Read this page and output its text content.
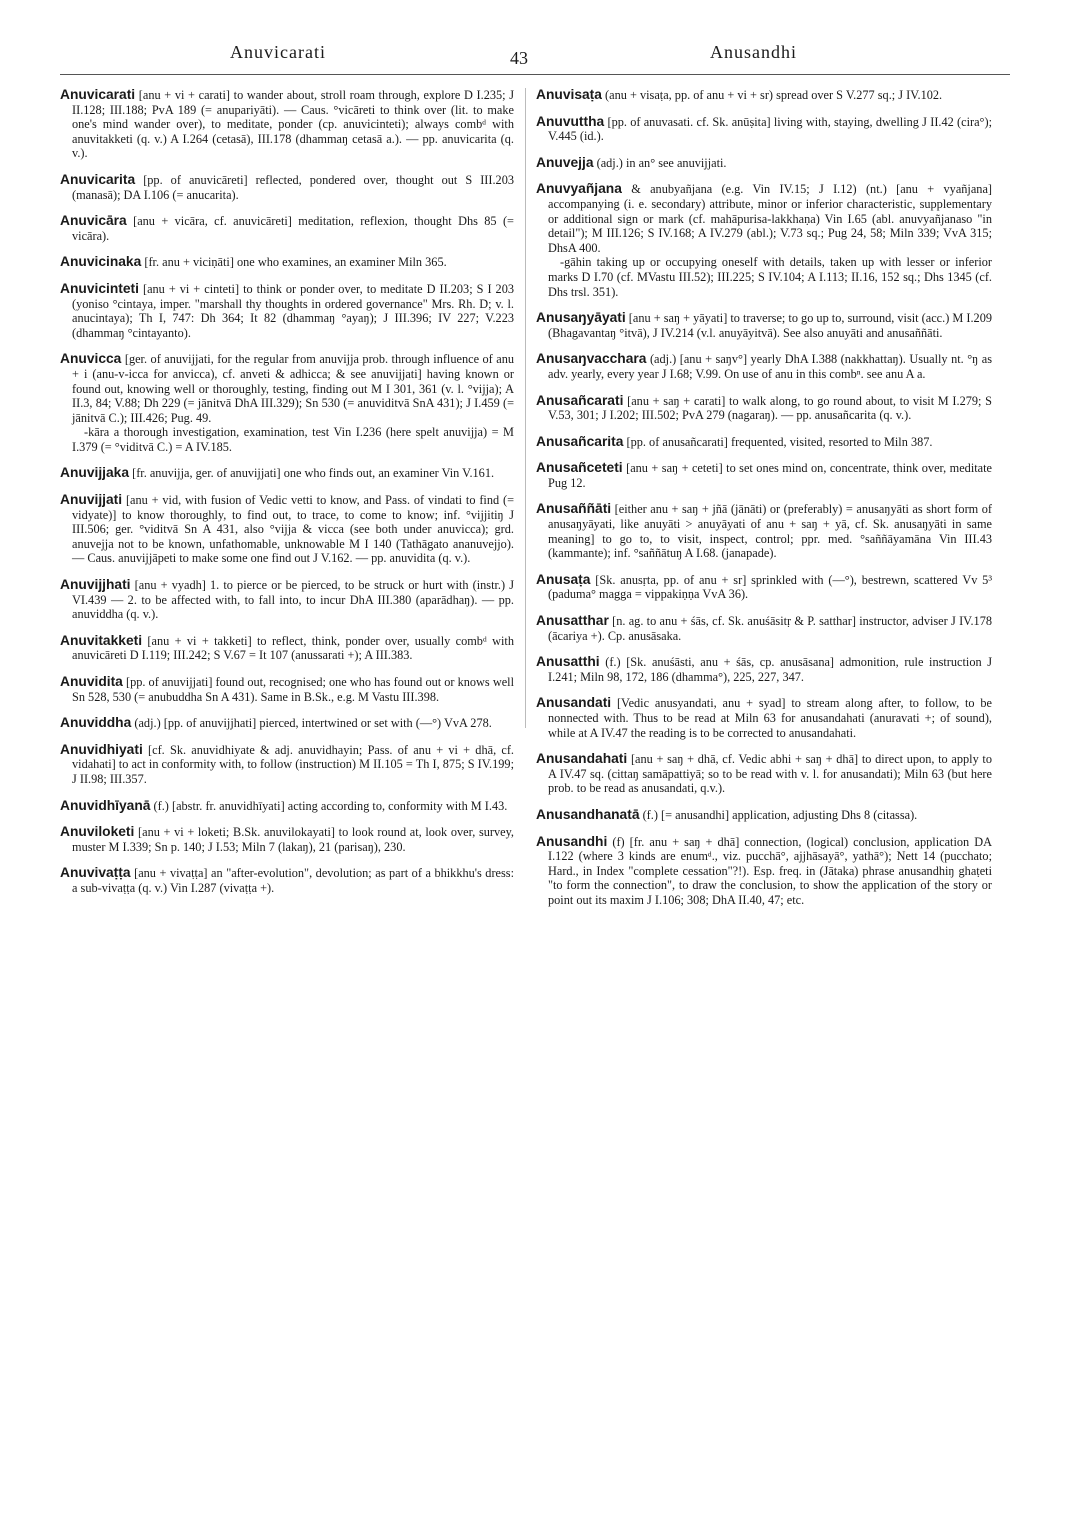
Anuvicarati	43	Anusandhi

Anuvicarati [anu + vi + carati] to wander about, stroll roam through, explore D I.235; J II.128; III.188; PvA 189 (= anupariyāti). — Caus. °vicāreti to think over (lit. to make one's mind wander over), to meditate, ponder (cp. anuvicinteti); always combᵈ with anuvitakketi (q. v.) A I.264 (cetasā), III.178 (dhammaŋ cetasā a.). — pp. anuvicarita (q. v.).

Anuvicarita [pp. of anuvicāreti] reflected, pondered over, thought out S III.203 (manasā); DA I.106 (= anucarita).

Anuvicāra [anu + vicāra, cf. anuvicāreti] meditation, reflexion, thought Dhs 85 (= vicāra).

Anuvicinaka [fr. anu + viciṇāti] one who examines, an examiner Miln 365.

Anuvicinteti [anu + vi + cinteti] to think or ponder over, to meditate D II.203; S I 203 (yoniso °cintaya, imper. "marshall thy thoughts in ordered governance" Mrs. Rh. D; v. l. anucintaya); Th I, 747: Dh 364; It 82 (dhammaŋ °ayaŋ); J III.396; IV 227; V.223 (dhammaŋ °cintayanto).

Anuvicca [ger. of anuvijjati, for the regular from anuvijja prob. through influence of anu + i (anu-v-icca for anvicca), cf. anveti & adhicca; & see anuvijjati] having known or found out, knowing well or thoroughly, testing, finding out M I 301, 361 (v. l. °vijja); A II.3, 84; V.88; Dh 229 (= jānitvā DhA III.329); Sn 530 (= anuviditvā SnA 431); J I.459 (= jānitvā C.); III.426; Pug. 49.
-kāra a thorough investigation, examination, test Vin I.236 (here spelt anuvijja) = M I.379 (= °viditvā C.) = A IV.185.

Anuvijjaka [fr. anuvijja, ger. of anuvijjati] one who finds out, an examiner Vin V.161.

Anuvijjati [anu + vid, with fusion of Vedic vetti to know, and Pass. of vindati to find (= vidyate)] to know thoroughly, to find out, to trace, to come to know; inf. °vijjitiŋ J III.506; ger. °viditvā Sn A 431, also °vijja & vicca (see both under anuvicca); grd. anuvejja not to be known, unfathomable, unknowable M I 140 (Tathāgato ananuvejjo). — Caus. anuvijjāpeti to make some one find out J V.162. — pp. anuvidita (q. v.).

Anuvijjhati [anu + vyadh] 1. to pierce or be pierced, to be struck or hurt with (instr.) J VI.439 — 2. to be affected with, to fall into, to incur DhA III.380 (aparādhaŋ). — pp. anuviddha (q. v.).

Anuvitakketi [anu + vi + takketi] to reflect, think, ponder over, usually combᵈ with anuvicāreti D I.119; III.242; S V.67 = It 107 (anussarati +); A III.383.

Anuvidita [pp. of anuvijjati] found out, recognised; one who has found out or knows well Sn 528, 530 (= anubuddha Sn A 431). Same in B.Sk., e.g. M Vastu III.398.

Anuviddha (adj.) [pp. of anuvijjhati] pierced, intertwined or set with (—°) VvA 278.

Anuvidhiyati [cf. Sk. anuvidhiyate & adj. anuvidhayin; Pass. of anu + vi + dhā, cf. vidahati] to act in conformity with, to follow (instruction) M II.105 = Th I, 875; S IV.199; J II.98; III.357.

Anuvidhīyanā (f.) [abstr. fr. anuvidhīyati] acting according to, conformity with M I.43.

Anuviloketi [anu + vi + loketi; B.Sk. anuvilokayati] to look round at, look over, survey, muster M I.339; Sn p. 140; J I.53; Miln 7 (lakaŋ), 21 (parisaŋ), 230.

Anuvivaṭṭa [anu + vivaṭṭa] an "after-evolution", devolution; as part of a bhikkhu's dress: a sub-vivaṭṭa (q. v.) Vin I.287 (vivaṭṭa +).

Anuvisaṭa (anu + visaṭa, pp. of anu + vi + sr) spread over S V.277 sq.; J IV.102.

Anuvuttha [pp. of anuvasati. cf. Sk. anūṣita] living with, staying, dwelling J II.42 (cira°); V.445 (id.).

Anuvejja (adj.) in an° see anuvijjati.

Anuvyañjana & anubyañjana (e.g. Vin IV.15; J I.12) (nt.) [anu + vyañjana] accompanying (i. e. secondary) attribute, minor or inferior characteristic, supplementary or additional sign or mark (cf. mahāpurisa-lakkhaṇa) Vin I.65 (abl. anuvyañjanaso "in detail"); M III.126; S IV.168; A IV.279 (abl.); V.73 sq.; Pug 24, 58; Miln 339; VvA 315; DhsA 400.
-gāhin taking up or occupying oneself with details, taken up with lesser or inferior marks D I.70 (cf. MVastu III.52); III.225; S IV.104; A I.113; II.16, 152 sq.; Dhs 1345 (cf. Dhs trsl. 351).

Anusaŋyāyati [anu + saŋ + yāyati] to traverse; to go up to, surround, visit (acc.) M I.209 (Bhagavantaŋ °itvā), J IV.214 (v.l. anuyāyitvā). See also anuyāti and anusaññāti.

Anusaŋvacchara (adj.) [anu + saŋv°] yearly DhA I.388 (nakkhattaŋ). Usually nt. °ŋ as adv. yearly, every year J I.68; V.99. On use of anu in this combⁿ. see anu A a.

Anusañcarati [anu + saŋ + carati] to walk along, to go round about, to visit M I.279; S V.53, 301; J I.202; III.502; PvA 279 (nagaraŋ). — pp. anusañcarita (q. v.).

Anusañcarita [pp. of anusañcarati] frequented, visited, resorted to Miln 387.

Anusañceteti [anu + saŋ + ceteti] to set ones mind on, concentrate, think over, meditate Pug 12.

Anusaññāti [either anu + saŋ + jñā (jānāti) or (preferably) = anusaŋyāti as short form of anusaŋyāyati, like anuyāti > anuyāyati of anu + saŋ + yā, cf. Sk. anusaŋyāti in same meaning] to go to, to visit, inspect, control; ppr. med. °saññāyamāna Vin III.43 (kammante); inf. °saññātuŋ A I.68. (janapade).

Anusaṭa [Sk. anusṛta, pp. of anu + sr] sprinkled with (—°), bestrewn, scattered Vv 5³ (paduma° magga = vippakiṇṇa VvA 36).

Anusatthar [n. ag. to anu + śās, cf. Sk. anuśāsitṛ & P. satthar] instructor, adviser J IV.178 (ācariya +). Cp. anusāsaka.

Anusatthi (f.) [Sk. anuśāsti, anu + śās, cp. anusāsana] admonition, rule instruction J I.241; Miln 98, 172, 186 (dhamma°), 225, 227, 347.

Anusandati [Vedic anusyandati, anu + syad] to stream along after, to follow, to be nonnected with. Thus to be read at Miln 63 for anusandahati (anuravati +; of sound), while at A IV.47 the reading is to be corrected to anusandahati.

Anusandahati [anu + saŋ + dhā, cf. Vedic abhi + saŋ + dhā] to direct upon, to apply to A IV.47 sq. (cittaŋ samāpattiyā; so to be read with v. l. for anusandati); Miln 63 (but here prob. to be read as anusandati, q.v.).

Anusandhanatā (f.) [= anusandhi] application, adjusting Dhs 8 (citassa).

Anusandhi (f) [fr. anu + saŋ + dhā] connection, (logical) conclusion, application DA I.122 (where 3 kinds are enumᵈ., viz. pucchā°, ajjhāsayā°, yathā°); Nett 14 (pucchato; Hard., in Index "complete cessation"?!). Esp. freq. in (Jātaka) phrase anusandhiŋ ghaṭeti "to form the connection", to draw the conclusion, to show the application of the story or point out its maxim J I.106; 308; DhA II.40, 47; etc.
